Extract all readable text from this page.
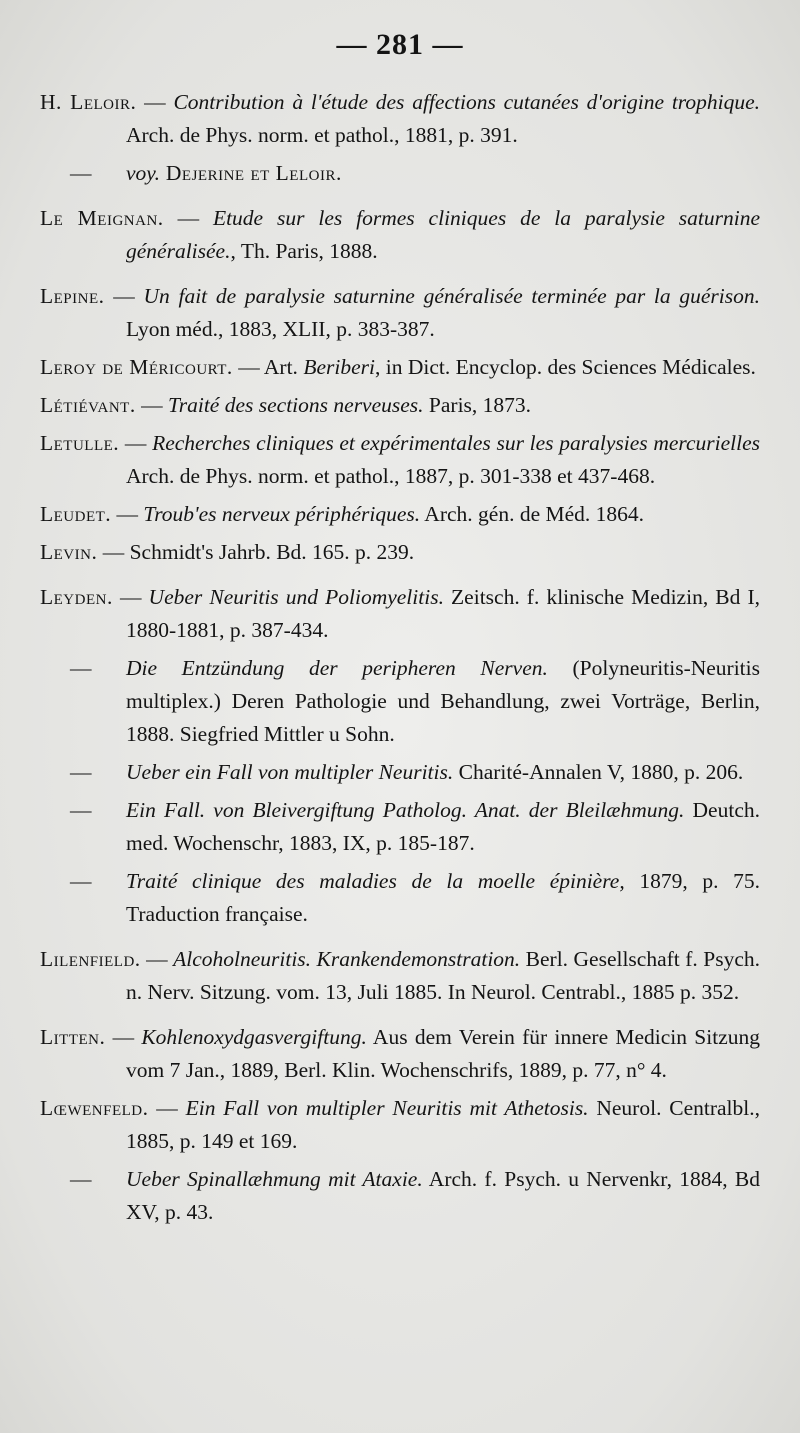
— 281 —
H. Leloir. — Contribution à l'étude des affections cutanées d'origine trophique. Arch. de Phys. norm. et pathol., 1881, p. 391.
— voy. Dejerine et Leloir.
Le Meignan. — Etude sur les formes cliniques de la paralysie saturnine généralisée., Th. Paris, 1888.
Lepine. — Un fait de paralysie saturnine généralisée terminée par la guérison. Lyon méd., 1883, XLII, p. 383-387.
Leroy de Méricourt. — Art. Beriberi, in Dict. Encyclop. des Sciences Médicales.
Létiévant. — Traité des sections nerveuses. Paris, 1873.
Letulle. — Recherches cliniques et expérimentales sur les paralysies mercurielles Arch. de Phys. norm. et pathol., 1887, p. 301-338 et 437-468.
Leudet. — Troub'es nerveux périphériques. Arch. gén. de Méd. 1864.
Levin. — Schmidt's Jahrb. Bd. 165. p. 239.
Leyden. — Ueber Neuritis und Poliomyelitis. Zeitsch. f. klinische Medizin, Bd I, 1880-1881, p. 387-434.
— Die Entzündung der peripheren Nerven. (Polyneuritis-Neuritis multiplex.) Deren Pathologie und Behandlung, zwei Vorträge, Berlin, 1888. Siegfried Mittler u Sohn.
— Ueber ein Fall von multipler Neuritis. Charité-Annalen V, 1880, p. 206.
— Ein Fall. von Bleivergiftung Patholog. Anat. der Bleilæhmung. Deutch. med. Wochenschr, 1883, IX, p. 185-187.
— Traité clinique des maladies de la moelle épinière, 1879, p. 75. Traduction française.
Lilenfield. — Alcoholneuritis. Krankendemonstration. Berl. Gesellschaft f. Psych. n. Nerv. Sitzung. vom. 13, Juli 1885. In Neurol. Centrabl., 1885 p. 352.
Litten. — Kohlenoxydgasvergiftung. Aus dem Verein für innere Medicin Sitzung vom 7 Jan., 1889, Berl. Klin. Wochenschrifs, 1889, p. 77, n° 4.
Lœwenfeld. — Ein Fall von multipler Neuritis mit Athetosis. Neurol. Centralbl., 1885, p. 149 et 169.
— Ueber Spinallæhmung mit Ataxie. Arch. f. Psych. u Nervenkr, 1884, Bd XV, p. 43.
